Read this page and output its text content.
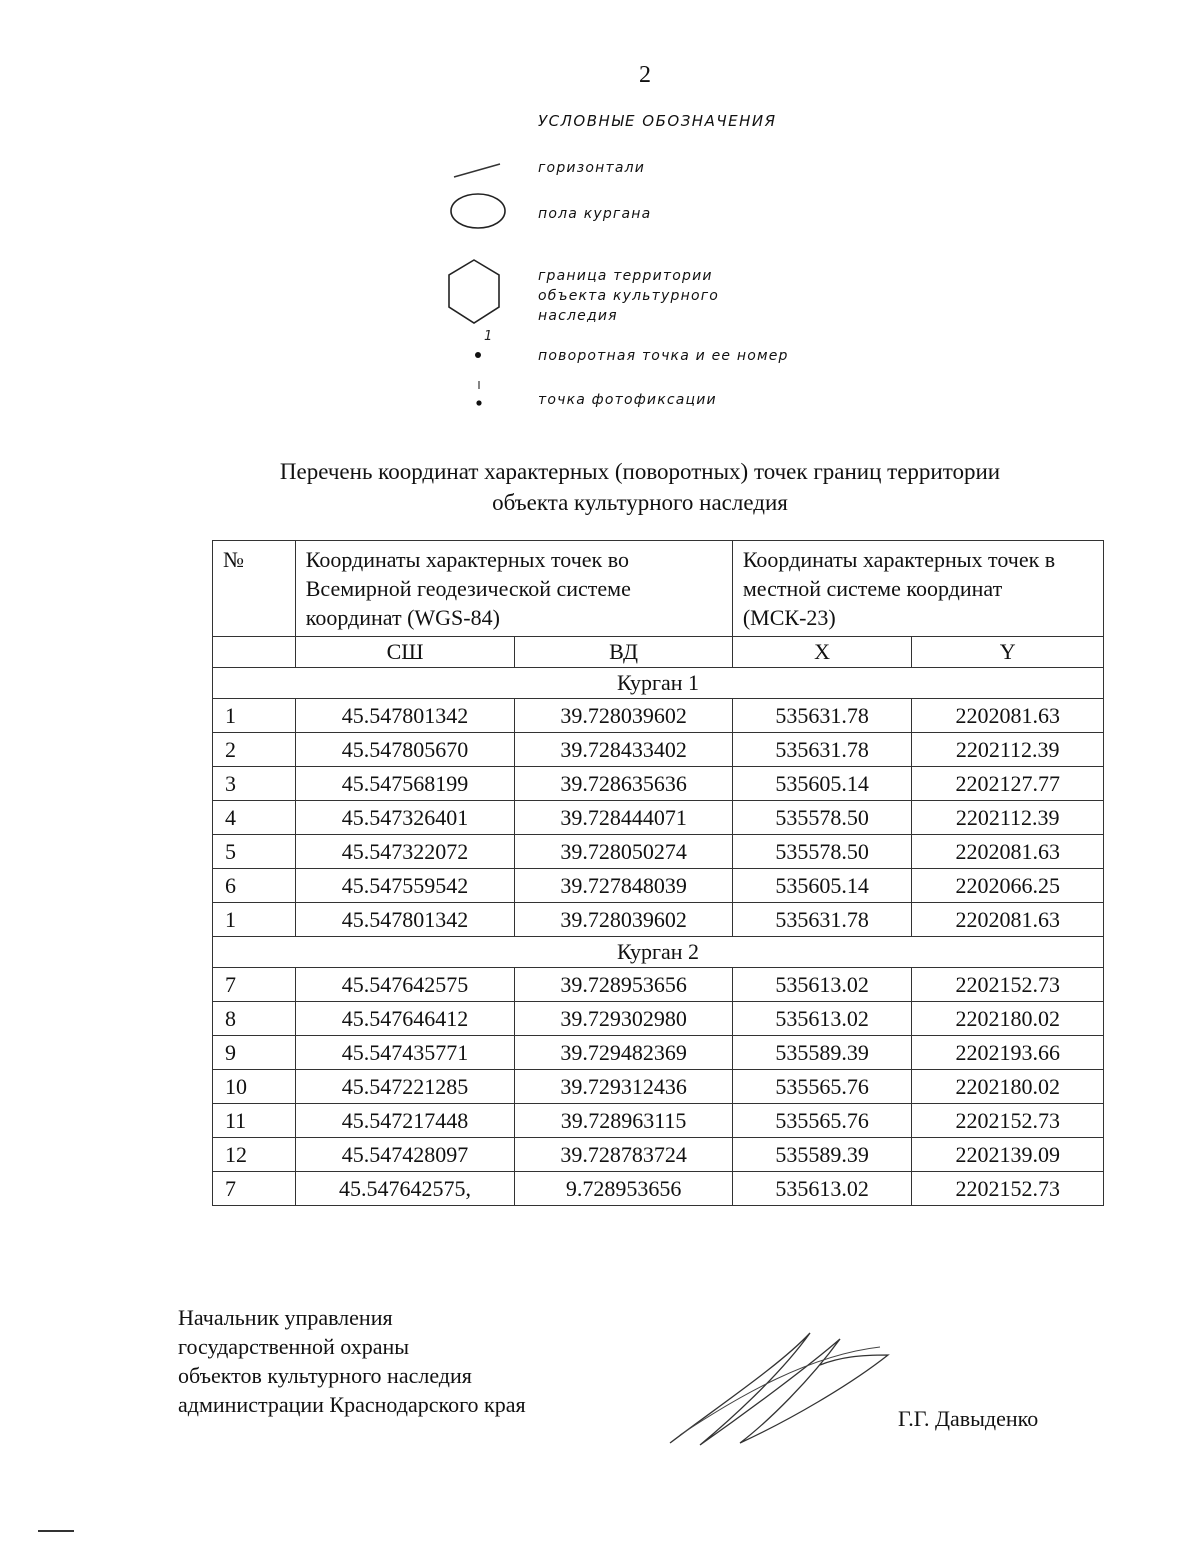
2
УСЛОВНЫЕ ОБОЗНАЧЕНИЯ
горизонтали
пола кургана
граница территории объекта культурного наследия
1
поворотная точка и ее номер
точка фотофиксации
Перечень координат характерных (поворотных) точек границ территории
объекта культурного наследия
№	Координаты характерных точек во Всемирной геодезической системе координат (WGS-84)		Координаты характерных точек в местной системе координат (МСК-23)	
	СШ	ВД	X	Y
Курган 1				
1	45.547801342	39.728039602	535631.78	2202081.63
2	45.547805670	39.728433402	535631.78	2202112.39
3	45.547568199	39.728635636	535605.14	2202127.77
4	45.547326401	39.728444071	535578.50	2202112.39
5	45.547322072	39.728050274	535578.50	2202081.63
6	45.547559542	39.727848039	535605.14	2202066.25
1	45.547801342	39.728039602	535631.78	2202081.63
Курган 2				
7	45.547642575	39.728953656	535613.02	2202152.73
8	45.547646412	39.729302980	535613.02	2202180.02
9	45.547435771	39.729482369	535589.39	2202193.66
10	45.547221285	39.729312436	535565.76	2202180.02
11	45.547217448	39.728963115	535565.76	2202152.73
12	45.547428097	39.728783724	535589.39	2202139.09
7	45.547642575,	9.728953656	535613.02	2202152.73
Начальник управления
государственной охраны
объектов культурного наследия
администрации Краснодарского края
Г.Г. Давыденко
